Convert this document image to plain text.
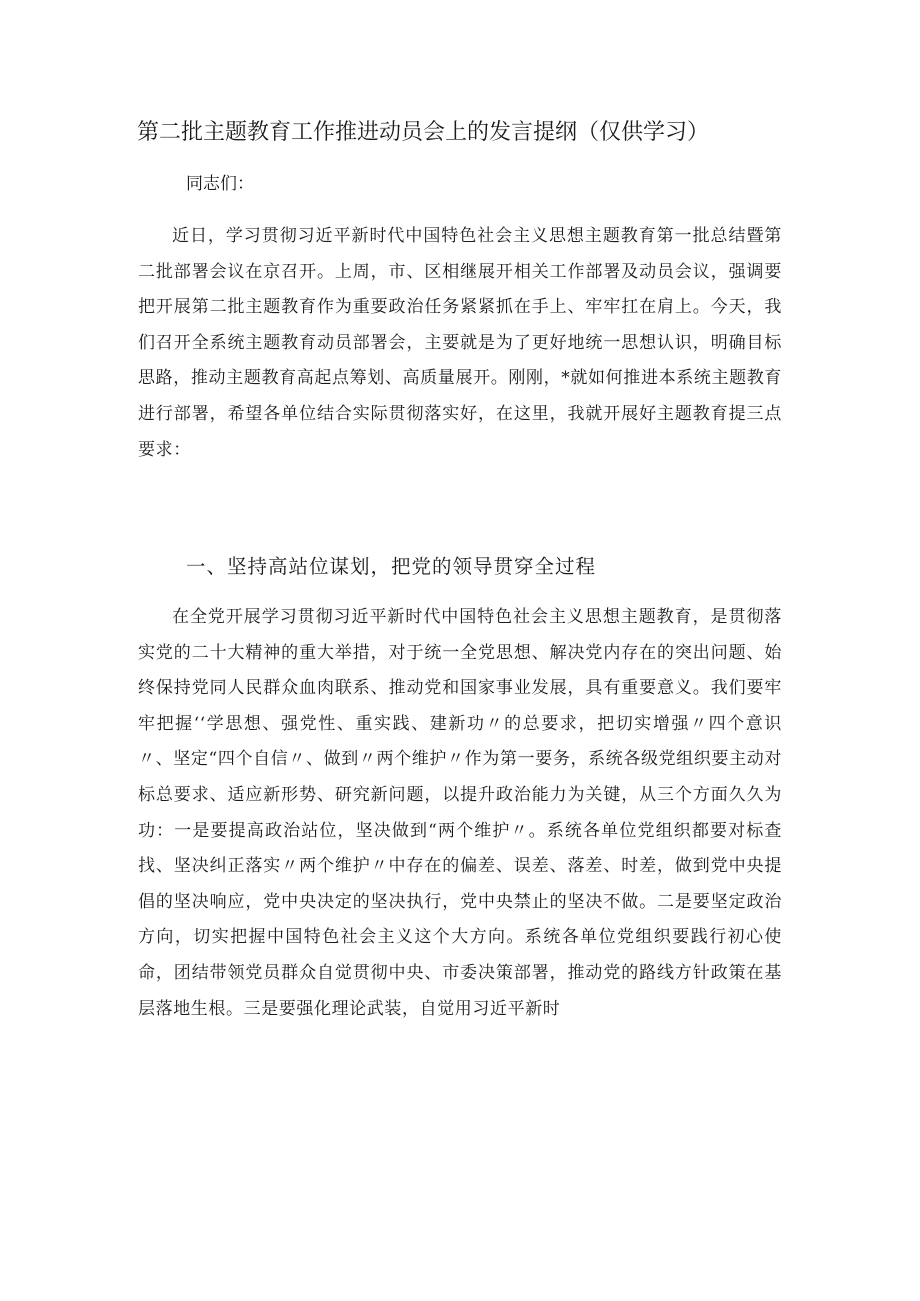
第二批主题教育工作推进动员会上的发言提纲（仅供学习）
同志们：

近日，学习贯彻习近平新时代中国特色社会主义思想主题教育第一批总结暨第二批部署会议在京召开。上周，市、区相继展开相关工作部署及动员会议，强调要把开展第二批主题教育作为重要政治任务紧紧抓在手上、牢牢扛在肩上。今天，我们召开全系统主题教育动员部署会，主要就是为了更好地统一思想认识，明确目标思路，推动主题教育高起点筹划、高质量展开。刚刚，*就如何推进本系统主题教育进行部署，希望各单位结合实际贯彻落实好，在这里，我就开展好主题教育提三点要求：

一、坚持高站位谋划，把党的领导贯穿全过程

在全党开展学习贯彻习近平新时代中国特色社会主义思想主题教育，是贯彻落实党的二十大精神的重大举措，对于统一全党思想、解决党内存在的突出问题、始终保持党同人民群众血肉联系、推动党和国家事业发展，具有重要意义。我们要牢牢把握‘‘学思想、强党性、重实践、建新功〃的总要求，把切实增强〃四个意识〃、坚定“四个自信〃、做到〃两个维护〃作为第一要务，系统各级党组织要主动对标总要求、适应新形势、研究新问题，以提升政治能力为关键，从三个方面久久为功：一是要提高政治站位，坚决做到“两个维护〃。系统各单位党组织都要对标查找、坚决纠正落实〃两个维护〃中存在的偏差、误差、落差、时差，做到党中央提倡的坚决响应，党中央决定的坚决执行，党中央禁止的坚决不做。二是要坚定政治方向，切实把握中国特色社会主义这个大方向。系统各单位党组织要践行初心使命，团结带领党员群众自觉贯彻中央、市委决策部署，推动党的路线方针政策在基层落地生根。三是要强化理论武装，自觉用习近平新时
